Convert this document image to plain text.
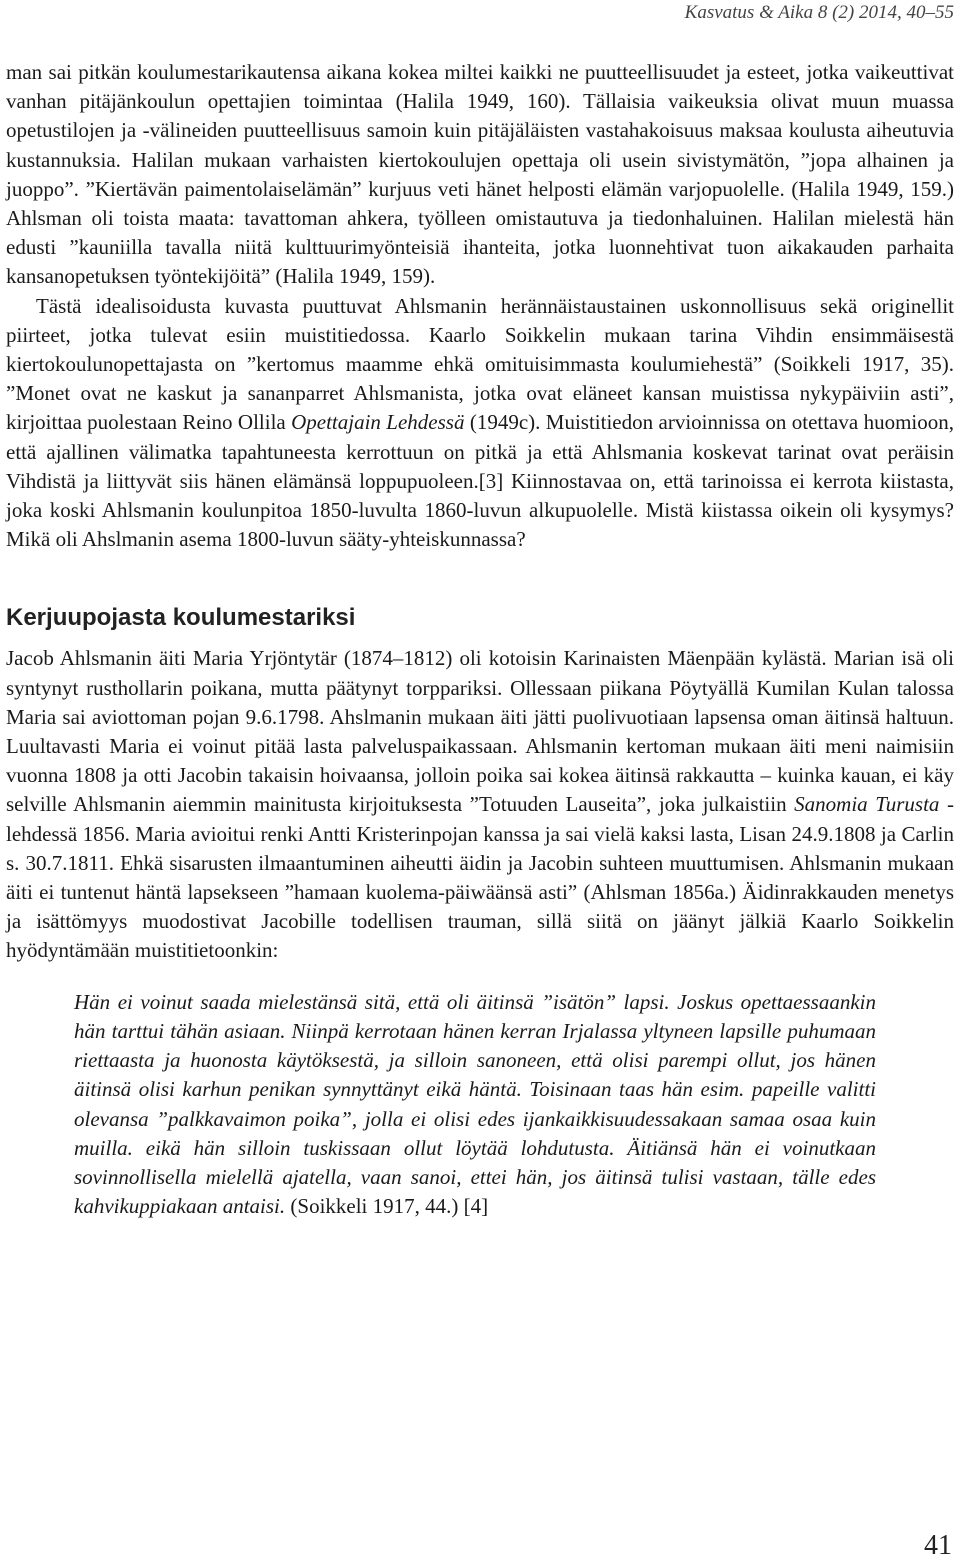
Kasvatus & Aika 8 (2) 2014, 40–55

man sai pitkän koulumestarikautensa aikana kokea miltei kaikki ne puutteellisuudet ja esteet, jotka vaikeuttivat vanhan pitäjänkoulun opettajien toimintaa (Halila 1949, 160). Tällaisia vaikeuksia olivat muun muassa opetustilojen ja -välineiden puutteellisuus samoin kuin pitäjäläisten vastahakoisuus maksaa koulusta aiheutuvia kustannuksia. Halilan mukaan varhaisten kiertokoulujen opettaja oli usein sivistymätön, ”jopa alhainen ja juoppo”. ”Kiertävän paimentolaiselämän” kurjuus veti hänet helposti elämän varjopuolelle. (Halila 1949, 159.) Ahlsman oli toista maata: tavattoman ahkera, työlleen omistautuva ja tiedonhaluinen. Halilan mielestä hän edusti ”kauniilla tavalla niitä kulttuurimyönteisiä ihanteita, jotka luonnehtivat tuon aikakauden parhaita kansanopetuksen työntekijöitä” (Halila 1949, 159).

Tästä idealisoidusta kuvasta puuttuvat Ahlsmanin herännäistaustainen uskonnollisuus sekä originellit piirteet, jotka tulevat esiin muistitiedossa. Kaarlo Soikkelin mukaan tarina Vihdin ensimmäisestä kiertokoulunopettajasta on ”kertomus maamme ehkä omituisimmasta koulumiehestä” (Soikkeli 1917, 35). ”Monet ovat ne kaskut ja sananparret Ahlsmanista, jotka ovat eläneet kansan muistissa nykypäiviin asti”, kirjoittaa puolestaan Reino Ollila Opettajain Lehdessä (1949c). Muistitiedon arvioinnissa on otettava huomioon, että ajallinen välimatka tapahtuneesta kerrottuun on pitkä ja että Ahlsmania koskevat tarinat ovat peräisin Vihdistä ja liittyvät siis hänen elämänsä loppupuoleen.[3] Kiinnostavaa on, että tarinoissa ei kerrota kiistasta, joka koski Ahlsmanin koulunpitoa 1850-luvulta 1860-luvun alkupuolelle. Mistä kiistassa oikein oli kysymys? Mikä oli Ahslmanin asema 1800-luvun sääty-yhteiskunnassa?

Kerjuupojasta koulumestariksi

Jacob Ahlsmanin äiti Maria Yrjöntytär (1874–1812) oli kotoisin Karinaisten Mäenpään kylästä. Marian isä oli syntynyt rusthollarin poikana, mutta päätynyt torppariksi. Ollessaan piikana Pöytyällä Kumilan Kulan talossa Maria sai aviottoman pojan 9.6.1798. Ahslmanin mukaan äiti jätti puolivuotiaan lapsensa oman äitinsä haltuun. Luultavasti Maria ei voinut pitää lasta palveluspaikassaan. Ahlsmanin kertoman mukaan äiti meni naimisiin vuonna 1808 ja otti Jacobin takaisin hoivaansa, jolloin poika sai kokea äitinsä rakkautta – kuinka kauan, ei käy selville Ahlsmanin aiemmin mainitusta kirjoituksesta ”Totuuden Lauseita”, joka julkaistiin Sanomia Turusta -lehdessä 1856. Maria avioitui renki Antti Kristerinpojan kanssa ja sai vielä kaksi lasta, Lisan 24.9.1808 ja Carlin s. 30.7.1811. Ehkä sisarusten ilmaantuminen aiheutti äidin ja Jacobin suhteen muuttumisen. Ahlsmanin mukaan äiti ei tuntenut häntä lapsekseen ”hamaan kuolema-päiwäänsä asti” (Ahlsman 1856a.) Äidinrakkauden menetys ja isättömyys muodostivat Jacobille todellisen trauman, sillä siitä on jäänyt jälkiä Kaarlo Soikkelin hyödyntämään muistitietoonkin:

Hän ei voinut saada mielestänsä sitä, että oli äitinsä ”isätön” lapsi. Joskus opettaessaankin hän tarttui tähän asiaan. Niinpä kerrotaan hänen kerran Irjalassa yltyneen lapsille puhumaan riettaasta ja huonosta käytöksestä, ja silloin sanoneen, että olisi parempi ollut, jos hänen äitinsä olisi karhun penikan synnyttänyt eikä häntä. Toisinaan taas hän esim. papeille valitti olevansa ”palkkavaimon poika”, jolla ei olisi edes ijankaikkisuudessakaan samaa osaa kuin muilla. eikä hän silloin tuskissaan ollut löytää lohdutusta. Äitiänsä hän ei voinutkaan sovinnollisella mielellä ajatella, vaan sanoi, ettei hän, jos äitinsä tulisi vastaan, tälle edes kahvikuppiakaan antaisi. (Soikkeli 1917, 44.) [4]
41
